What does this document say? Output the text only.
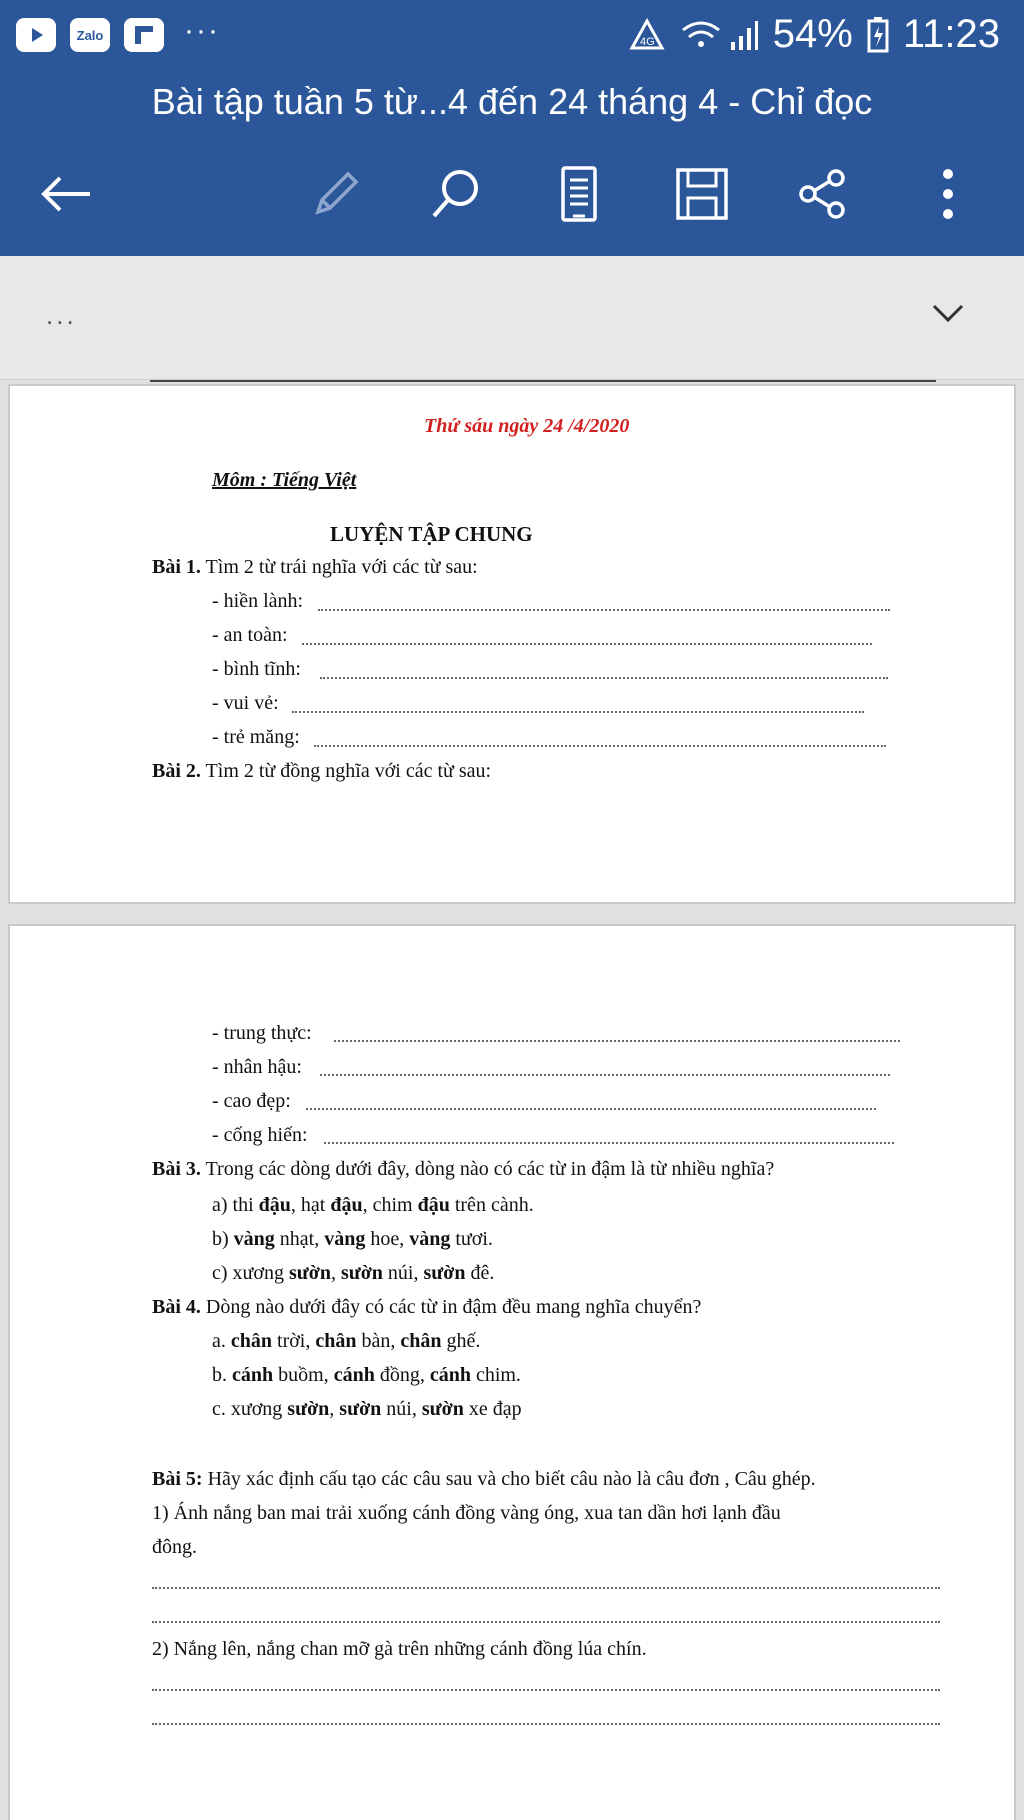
Zalo	···	4G	54% 11:23
Bài tập tuần 5 từ...4 đến 24 tháng 4 - Chỉ đọc
...
Thứ sáu ngày 24 /4/2020
Môm : Tiếng Việt
LUYỆN TẬP CHUNG
Bài 1. Tìm 2 từ trái nghĩa với các từ sau:
- hiền lành:
- an toàn:
- bình tĩnh:
- vui vẻ:
- trẻ măng:
Bài 2. Tìm 2 từ đồng nghĩa với các từ sau:
- trung thực:
- nhân hậu:
- cao đẹp:
- cống hiến:
Bài 3. Trong các dòng dưới đây, dòng nào có các từ in đậm là từ nhiều nghĩa?
a) thi đậu, hạt đậu, chim đậu trên cành.
b) vàng nhạt, vàng hoe, vàng tươi.
c) xương sườn, sườn núi, sườn đê.
Bài 4. Dòng nào dưới đây có các từ in đậm đều mang nghĩa chuyển?
a. chân trời, chân bàn, chân ghế.
b. cánh buồm, cánh đồng, cánh chim.
c. xương sườn, sườn núi, sườn xe đạp
Bài 5: Hãy xác định cấu tạo các câu sau và cho biết câu nào là câu đơn , Câu ghép.
1) Ánh nắng ban mai trải xuống cánh đồng vàng óng, xua tan dần hơi lạnh đầu
đông.
2) Nắng lên, nắng chan mỡ gà trên những cánh đồng lúa chín.
